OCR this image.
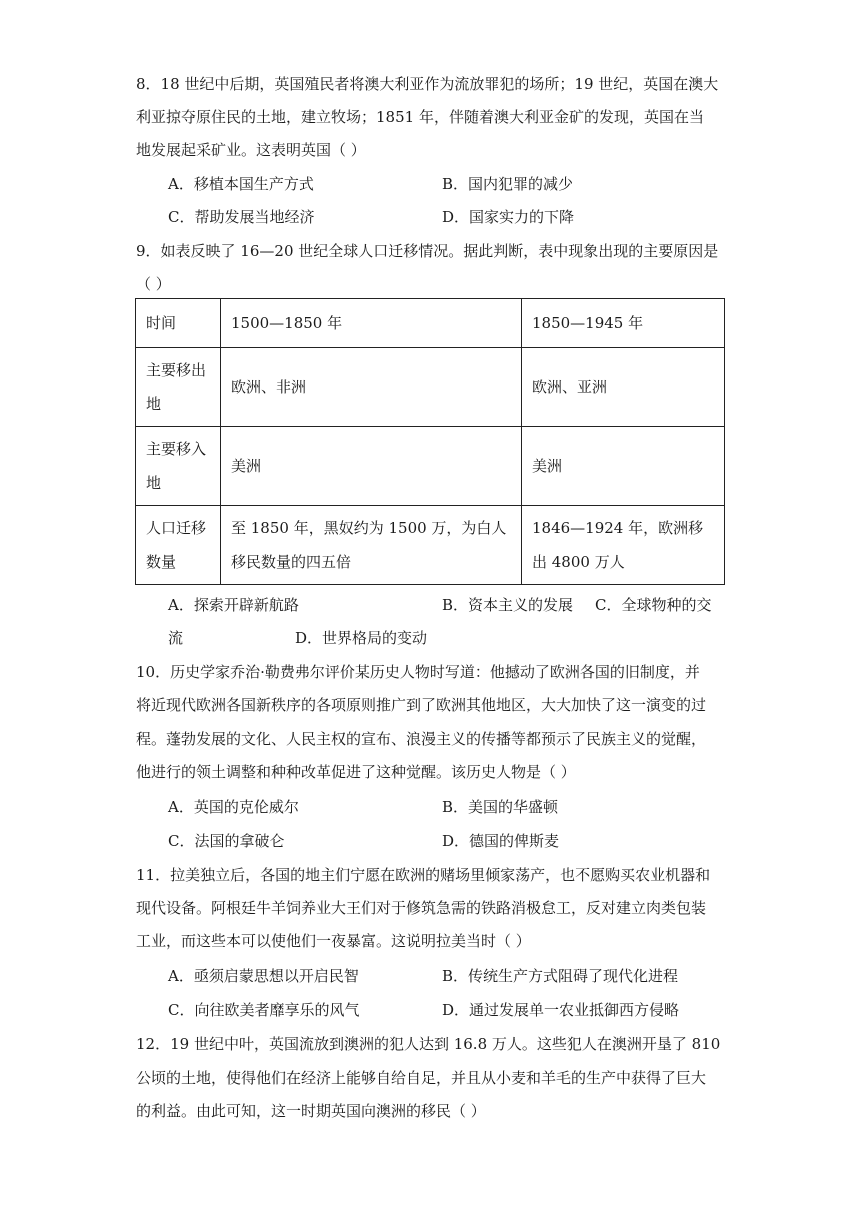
8．18 世纪中后期，英国殖民者将澳大利亚作为流放罪犯的场所；19 世纪，英国在澳大
利亚掠夺原住民的土地，建立牧场；1851 年，伴随着澳大利亚金矿的发现，英国在当
地发展起采矿业。这表明英国（ ）
A．移植本国生产方式	B．国内犯罪的减少
C．帮助发展当地经济	D．国家实力的下降
9．如表反映了 16—20 世纪全球人口迁移情况。据此判断，表中现象出现的主要原因是
（ ）
时间	1500—1850 年	1850—1945 年
主要移出地	欧洲、非洲	欧洲、亚洲
主要移入地	美洲	美洲
人口迁移数量	至 1850 年，黑奴约为 1500 万，为白人移民数量的四五倍	1846—1924 年，欧洲移出 4800 万人
A．探索开辟新航路	B．资本主义的发展 C．全球物种的交
流	D．世界格局的变动
10．历史学家乔治·勒费弗尔评价某历史人物时写道：他撼动了欧洲各国的旧制度，并
将近现代欧洲各国新秩序的各项原则推广到了欧洲其他地区，大大加快了这一演变的过
程。蓬勃发展的文化、人民主权的宣布、浪漫主义的传播等都预示了民族主义的觉醒，
他进行的领土调整和种种改革促进了这种觉醒。该历史人物是（ ）
A．英国的克伦威尔	B．美国的华盛顿
C．法国的拿破仑	D．德国的俾斯麦
11．拉美独立后，各国的地主们宁愿在欧洲的赌场里倾家荡产，也不愿购买农业机器和
现代设备。阿根廷牛羊饲养业大王们对于修筑急需的铁路消极怠工，反对建立肉类包装
工业，而这些本可以使他们一夜暴富。这说明拉美当时（ ）
A．亟须启蒙思想以开启民智	B．传统生产方式阻碍了现代化进程
C．向往欧美者靡享乐的风气	D．通过发展单一农业抵御西方侵略
12．19 世纪中叶，英国流放到澳洲的犯人达到 16.8 万人。这些犯人在澳洲开垦了 810
公顷的土地，使得他们在经济上能够自给自足，并且从小麦和羊毛的生产中获得了巨大
的利益。由此可知，这一时期英国向澳洲的移民（ ）
